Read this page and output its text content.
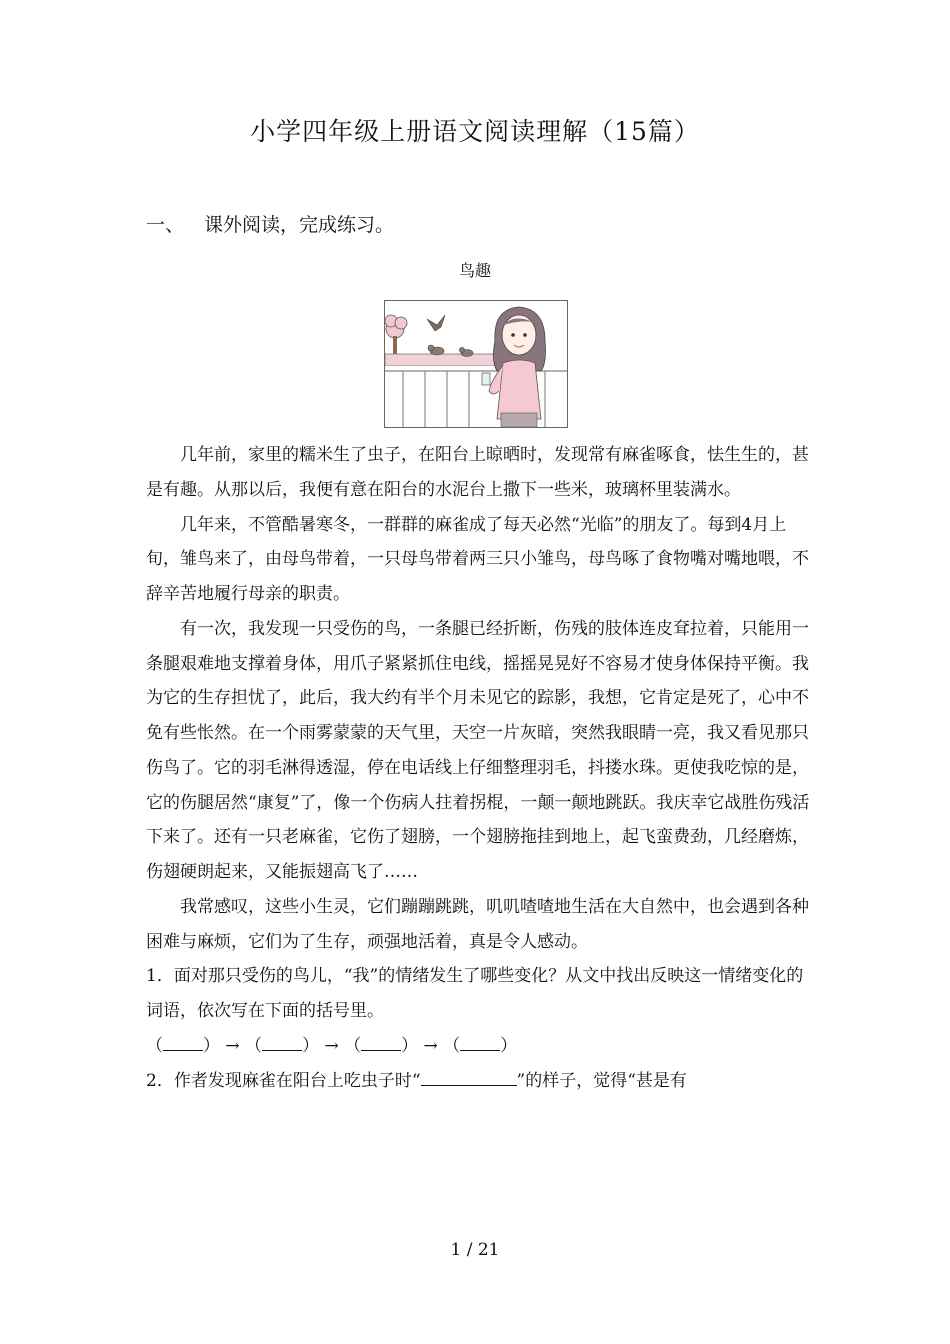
小学四年级上册语文阅读理解（15篇）
一、 课外阅读，完成练习。
鸟趣

几年前，家里的糯米生了虫子，在阳台上晾晒时，发现常有麻雀啄食，怯生生的，甚是有趣。从那以后，我便有意在阳台的水泥台上撒下一些米，玻璃杯里装满水。

几年来，不管酷暑寒冬，一群群的麻雀成了每天必然“光临”的朋友了。每到4月上旬，雏鸟来了，由母鸟带着，一只母鸟带着两三只小雏鸟，母鸟啄了食物嘴对嘴地喂，不辞辛苦地履行母亲的职责。

有一次，我发现一只受伤的鸟，一条腿已经折断，伤残的肢体连皮耷拉着，只能用一条腿艰难地支撑着身体，用爪子紧紧抓住电线，摇摇晃晃好不容易才使身体保持平衡。我为它的生存担忧了，此后，我大约有半个月未见它的踪影，我想，它肯定是死了，心中不免有些怅然。在一个雨雾蒙蒙的天气里，天空一片灰暗，突然我眼睛一亮，我又看见那只伤鸟了。它的羽毛淋得透湿，停在电话线上仔细整理羽毛，抖搂水珠。更使我吃惊的是，它的伤腿居然“康复”了，像一个伤病人拄着拐棍，一颠一颠地跳跃。我庆幸它战胜伤残活下来了。还有一只老麻雀，它伤了翅膀，一个翅膀拖挂到地上，起飞蛮费劲，几经磨炼，伤翅硬朗起来，又能振翅高飞了……

我常感叹，这些小生灵，它们蹦蹦跳跳，叽叽喳喳地生活在大自然中，也会遇到各种困难与麻烦，它们为了生存，顽强地活着，真是令人感动。

1．面对那只受伤的鸟儿，“我”的情绪发生了哪些变化？从文中找出反映这一情绪变化的词语，依次写在下面的括号里。

（ ） → （ ） → （ ） → （ ）

2．作者发现麻雀在阳台上吃虫子时“	”的样子，觉得“甚是有

1 / 21
